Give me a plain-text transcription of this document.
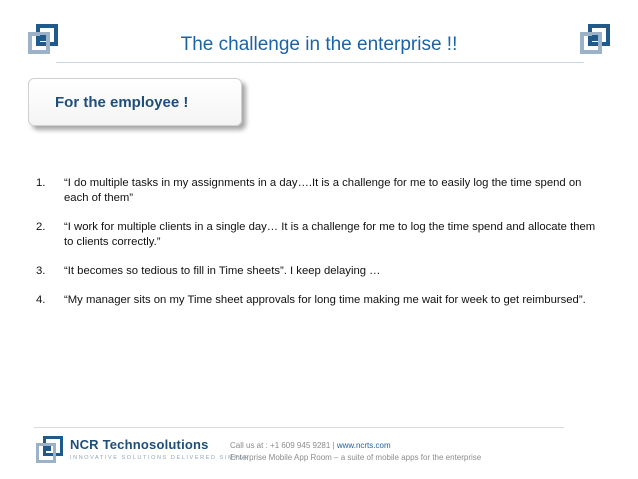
The challenge in the enterprise !!
For the employee !
1.	“I do multiple tasks in my assignments in a day….It is a challenge for me to easily log the time spend on each of them”
2.	“I work for multiple clients in a single day… It is a challenge for me to log the time spend and allocate them to clients correctly.”
3.	“It becomes so tedious to fill in Time sheets”. I keep delaying …
4.	“My manager sits on my Time sheet approvals for long time making me wait for week to get reimbursed”.
NCR Technosolutions
INNOVATIVE SOLUTIONS DELIVERED SIMPLE
Call us at : +1 609 945 9281 | www.ncrts.com
Enterprise Mobile App Room – a suite of mobile apps for the enterprise
